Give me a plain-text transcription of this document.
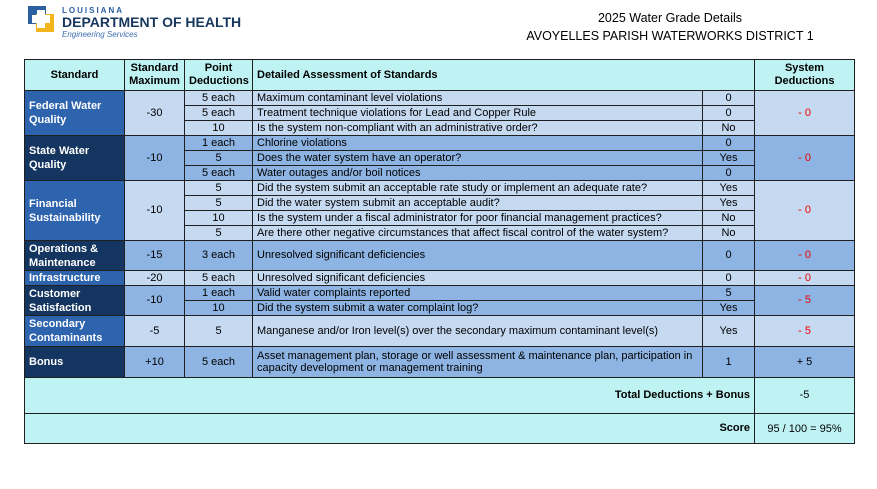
LOUISIANA
DEPARTMENT OF HEALTH
Engineering Services
2025 Water Grade Details
AVOYELLES PARISH WATERWORKS DISTRICT 1
Standard	Standard Maximum	Point Deductions	Detailed Assessment of Standards		System Deductions
Federal Water Quality	-30	5 each	Maximum contaminant level violations	0	- 0
		5 each	Treatment technique violations for Lead and Copper Rule	0	
		10	Is the system non-compliant with an administrative order?	No	
State Water Quality	-10	1 each	Chlorine violations	0	- 0
		5	Does the water system have an operator?	Yes	
		5 each	Water outages and/or boil notices	0	
Financial Sustainability	-10	5	Did the system submit an acceptable rate study or implement an adequate rate?	Yes	- 0
		5	Did the water system submit an acceptable audit?	Yes	
		10	Is the system under a fiscal administrator for poor financial management practices?	No	
		5	Are there other negative circumstances that affect fiscal control of the water system?	No	
Operations & Maintenance	-15	3 each	Unresolved significant deficiencies	0	- 0
Infrastructure	-20	5 each	Unresolved significant deficiencies	0	- 0
Customer Satisfaction	-10	1 each	Valid water complaints reported	5	- 5
		10	Did the system submit a water complaint log?	Yes	
Secondary Contaminants	-5	5	Manganese and/or Iron level(s) over the secondary maximum contaminant level(s)	Yes	- 5
Bonus	+10	5 each	Asset management plan, storage or well assessment & maintenance plan, participation in capacity development or management training	1	+ 5
Total Deductions + Bonus					-5
Score					95 / 100 = 95%
